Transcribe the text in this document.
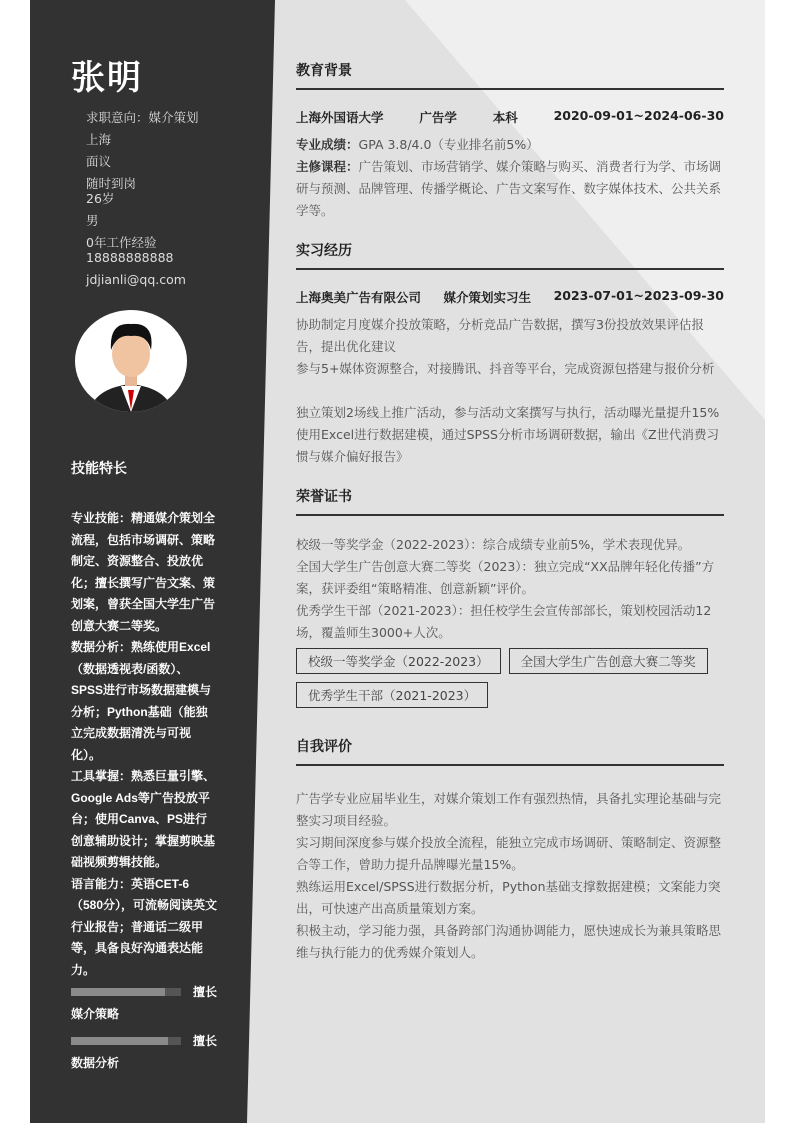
张明
求职意向：媒介策划
上海
面议
随时到岗
26岁
男
0年工作经验
18888888888
jdjianli@qq.com
技能特长
专业技能：精通媒介策划全流程，包括市场调研、策略制定、资源整合、投放优化；擅长撰写广告文案、策划案，曾获全国大学生广告创意大赛二等奖。
数据分析：熟练使用Excel（数据透视表/函数）、SPSS进行市场数据建模与分析；Python基础（能独立完成数据清洗与可视化）。
工具掌握：熟悉巨量引擎、Google Ads等广告投放平台；使用Canva、PS进行创意辅助设计；掌握剪映基础视频剪辑技能。
语言能力：英语CET-6（580分），可流畅阅读英文行业报告；普通话二级甲等，具备良好沟通表达能力。
擅长
媒介策略
擅长
数据分析
教育背景
上海外国语大学	广告学	本科	2020-09-01~2024-06-30
专业成绩：GPA 3.8/4.0（专业排名前5%）
主修课程：广告策划、市场营销学、媒介策略与购买、消费者行为学、市场调研与预测、品牌管理、传播学概论、广告文案写作、数字媒体技术、公共关系学等。
实习经历
上海奥美广告有限公司 媒介策划实习生 2023-07-01~2023-09-30
协助制定月度媒介投放策略，分析竞品广告数据，撰写3份投放效果评估报告，提出优化建议
参与5+媒体资源整合，对接腾讯、抖音等平台，完成资源包搭建与报价分析
独立策划2场线上推广活动，参与活动文案撰写与执行，活动曝光量提升15%
使用Excel进行数据建模，通过SPSS分析市场调研数据，输出《Z世代消费习惯与媒介偏好报告》
荣誉证书
校级一等奖学金（2022-2023）：综合成绩专业前5%，学术表现优异。
全国大学生广告创意大赛二等奖（2023）：独立完成“XX品牌年轻化传播”方案，获评委组“策略精准、创意新颖”评价。
优秀学生干部（2021-2023）：担任校学生会宣传部部长，策划校园活动12场，覆盖师生3000+人次。
校级一等奖学金（2022-2023）	全国大学生广告创意大赛二等奖
优秀学生干部（2021-2023）
自我评价
广告学专业应届毕业生，对媒介策划工作有强烈热情，具备扎实理论基础与完整实习项目经验。
实习期间深度参与媒介投放全流程，能独立完成市场调研、策略制定、资源整合等工作，曾助力提升品牌曝光量15%。
熟练运用Excel/SPSS进行数据分析，Python基础支撑数据建模；文案能力突出，可快速产出高质量策划方案。
积极主动，学习能力强，具备跨部门沟通协调能力，愿快速成长为兼具策略思维与执行能力的优秀媒介策划人。
